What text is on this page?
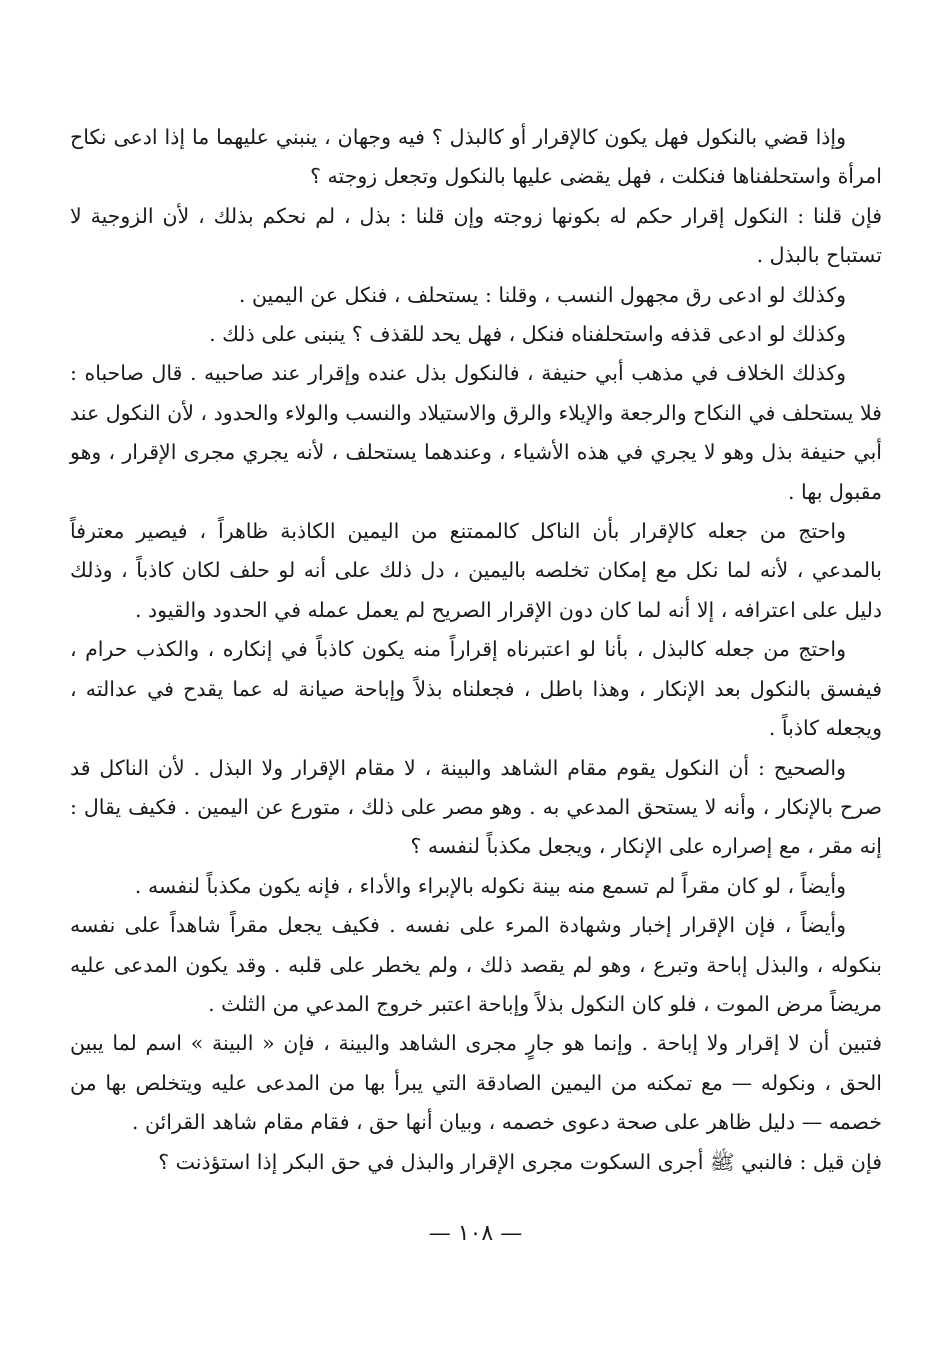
وإذا قضي بالنكول فهل يكون كالإقرار أو كالبذل ؟ فيه وجهان ، ينبني عليهما ما إذا ادعى نكاح امرأة واستحلفناها فنكلت ، فهل يقضى عليها بالنكول وتجعل زوجته ؟

فإن قلنا : النكول إقرار حكم له بكونها زوجته وإن قلنا : بذل ، لم نحكم بذلك ، لأن الزوجية لا تستباح بالبذل .

وكذلك لو ادعى رق مجهول النسب ، وقلنا : يستحلف ، فنكل عن اليمين .

وكذلك لو ادعى قذفه واستحلفناه فنكل ، فهل يحد للقذف ؟ ينبنى على ذلك .

وكذلك الخلاف في مذهب أبي حنيفة ، فالنكول بذل عنده وإقرار عند صاحبيه . قال صاحباه : فلا يستحلف في النكاح والرجعة والإيلاء والرق والاستيلاد والنسب والولاء والحدود ، لأن النكول عند أبي حنيفة بذل وهو لا يجري في هذه الأشياء ، وعندهما يستحلف ، لأنه يجري مجرى الإقرار ، وهو مقبول بها .

واحتج من جعله كالإقرار بأن الناكل كالممتنع من اليمين الكاذبة ظاهراً ، فيصير معترفاً بالمدعي ، لأنه لما نكل مع إمكان تخلصه باليمين ، دل ذلك على أنه لو حلف لكان كاذباً ، وذلك دليل على اعترافه ، إلا أنه لما كان دون الإقرار الصريح لم يعمل عمله في الحدود والقيود .

واحتج من جعله كالبذل ، بأنا لو اعتبرناه إقراراً منه يكون كاذباً في إنكاره ، والكذب حرام ، فيفسق بالنكول بعد الإنكار ، وهذا باطل ، فجعلناه بذلاً وإباحة صيانة له عما يقدح في عدالته ، ويجعله كاذباً .

والصحيح : أن النكول يقوم مقام الشاهد والبينة ، لا مقام الإقرار ولا البذل . لأن الناكل قد صرح بالإنكار ، وأنه لا يستحق المدعي به . وهو مصر على ذلك ، متورع عن اليمين . فكيف يقال : إنه مقر ، مع إصراره على الإنكار ، ويجعل مكذباً لنفسه ؟

وأيضاً ، لو كان مقراً لم تسمع منه بينة نكوله بالإبراء والأداء ، فإنه يكون مكذباً لنفسه .

وأيضاً ، فإن الإقرار إخبار وشهادة المرء على نفسه . فكيف يجعل مقراً شاهداً على نفسه بنكوله ، والبذل إباحة وتبرع ، وهو لم يقصد ذلك ، ولم يخطر على قلبه . وقد يكون المدعى عليه مريضاً مرض الموت ، فلو كان النكول بذلاً وإباحة اعتبر خروج المدعي من الثلث .

فتبين أن لا إقرار ولا إباحة . وإنما هو جارٍ مجرى الشاهد والبينة ، فإن « البينة » اسم لما يبين الحق ، ونكوله — مع تمكنه من اليمين الصادقة التي يبرأ بها من المدعى عليه ويتخلص بها من خصمه — دليل ظاهر على صحة دعوى خصمه ، وبيان أنها حق ، فقام مقام شاهد القرائن .

فإن قيل : فالنبي ﷺ أجرى السكوت مجرى الإقرار والبذل في حق البكر إذا استؤذنت ؟

— ١٠٨ —
